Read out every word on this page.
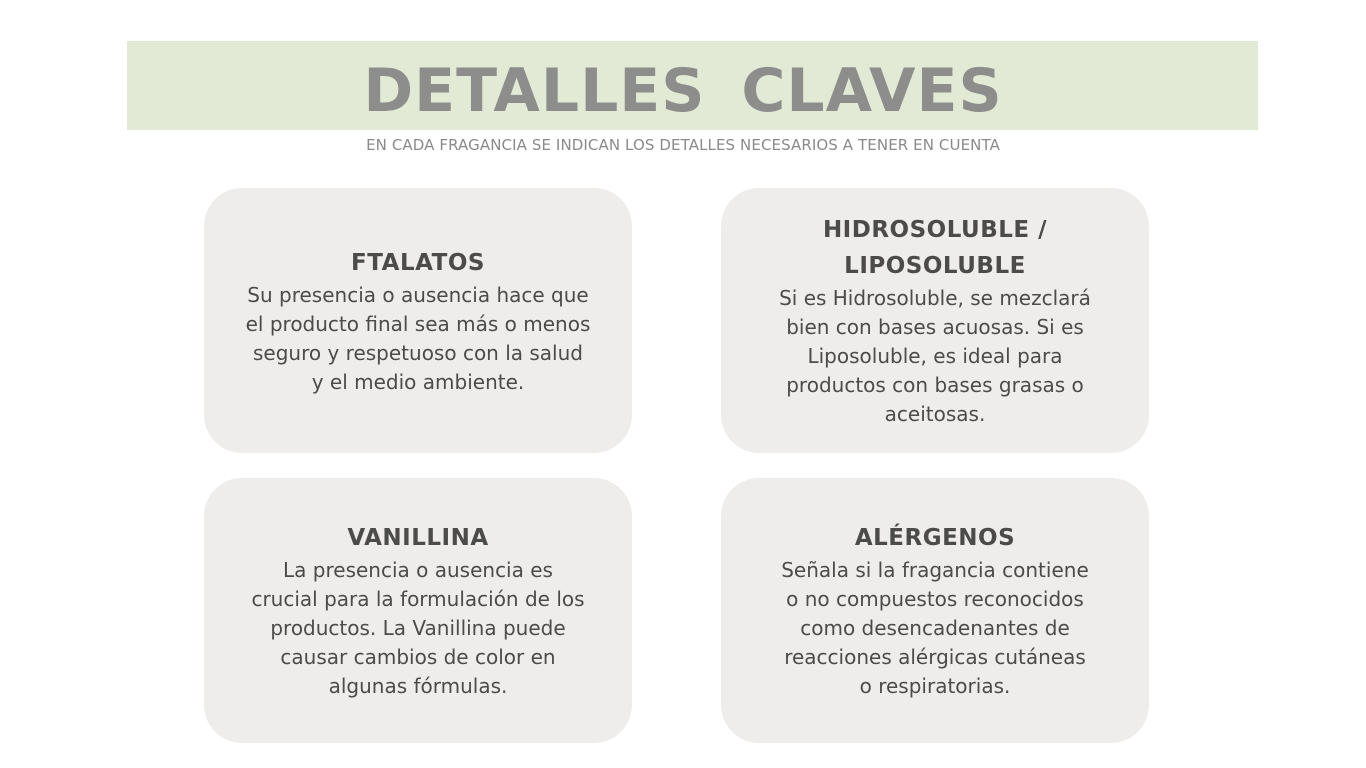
DETALLES CLAVES
EN CADA FRAGANCIA SE INDICAN LOS DETALLES NECESARIOS A TENER EN CUENTA
FTALATOS

Su presencia o ausencia hace que el producto final sea más o menos seguro y respetuoso con la salud y el medio ambiente.

HIDROSOLUBLE / LIPOSOLUBLE

Si es Hidrosoluble, se mezclará bien con bases acuosas. Si es Liposoluble, es ideal para productos con bases grasas o aceitosas.

VANILLINA

La presencia o ausencia es crucial para la formulación de los productos. La Vanillina puede causar cambios de color en algunas fórmulas.

ALÉRGENOS

Señala si la fragancia contiene o no compuestos reconocidos como desencadenantes de reacciones alérgicas cutáneas o respiratorias.
